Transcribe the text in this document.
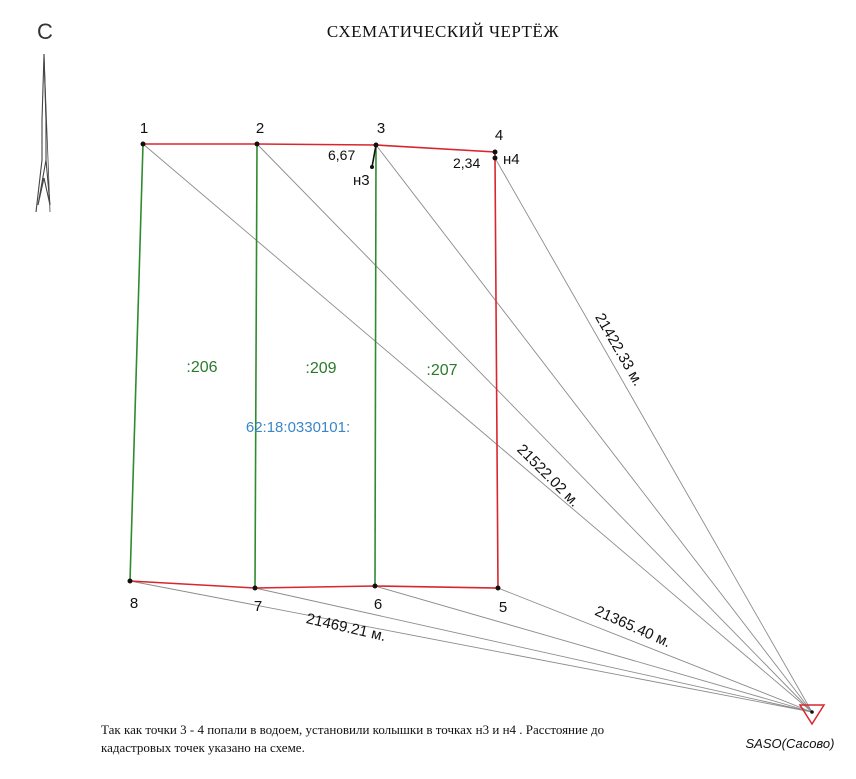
СХЕМАТИЧЕСКИЙ ЧЕРТЁЖ
С
1	2	3	4
н4
н3
6,67	2,34
8	7	6	5
:206	:209	:207
62:18:0330101:
21422.33 м.
21522.02 м.
21365.40 м.
21469.21 м.
SASO(Сасово)
Так как точки 3 - 4 попали в водоем, установили колышки в точках н3 и н4 . Расстояние до
кадастровых точек указано на схеме.
